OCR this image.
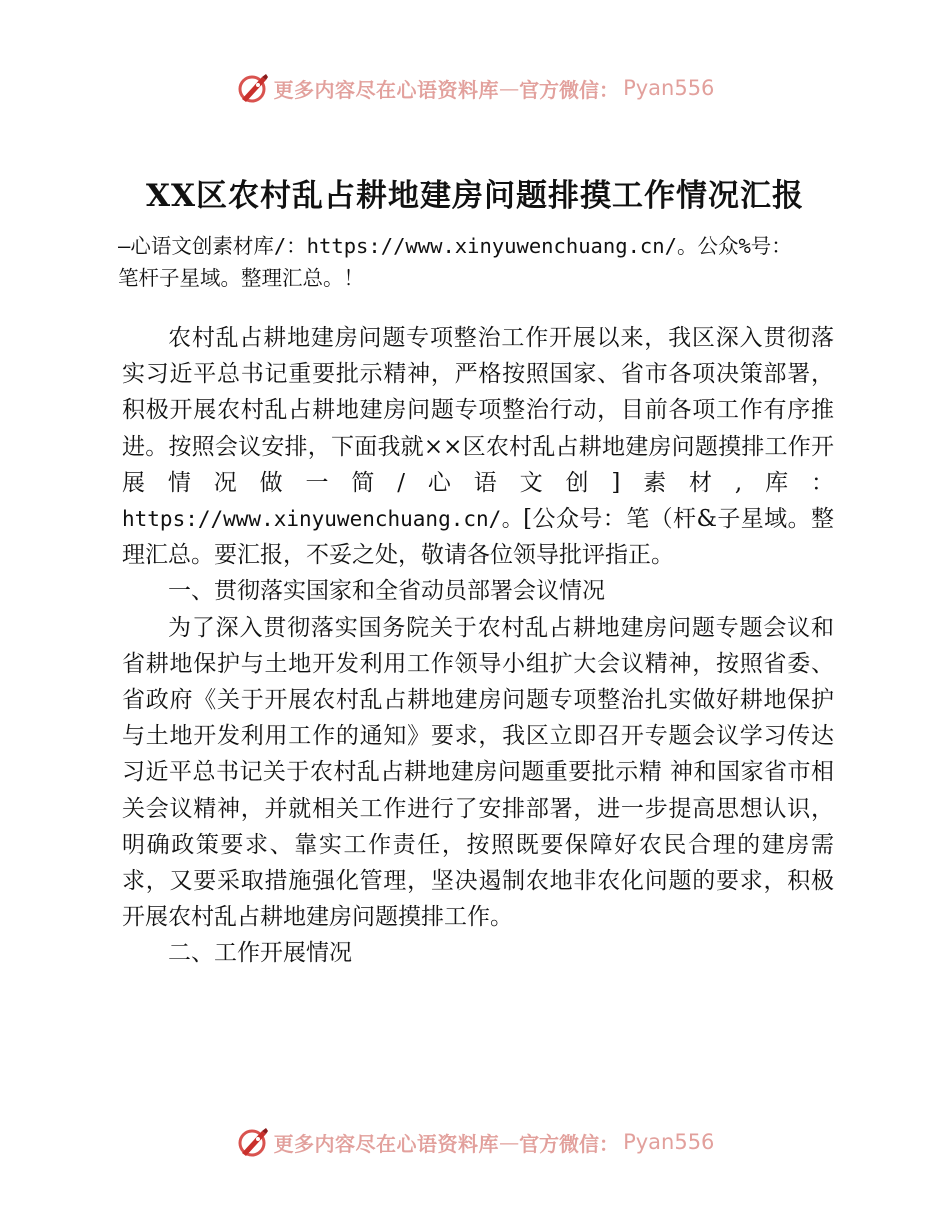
更多内容尽在心语资料库 — 官方微信： Pyan556
XX区农村乱占耕地建房问题排摸工作情况汇报
—心语文创素材库/：https://www.xinyuwenchuang.cn/。公众%号：
笔杆子星域。整理汇总。！

农村乱占耕地建房问题专项整治工作开展以来，我区深入贯彻落实习近平总书记重要批示精神，严格按照国家、省市各项决策部署，积极开展农村乱占耕地建房问题专项整治行动，目前各项工作有序推进。按照会议安排，下面我就××区农村乱占耕地建房问题摸排工作开展情况做一简/心语文创]素材,库：https://www.xinyuwenchuang.cn/。[公众号：笔（杆&子星域。整理汇总。要汇报，不妥之处，敬请各位领导批评指正。

一、贯彻落实国家和全省动员部署会议情况

为了深入贯彻落实国务院关于农村乱占耕地建房问题专题会议和省耕地保护与土地开发利用工作领导小组扩大会议精神，按照省委、省政府《关于开展农村乱占耕地建房问题专项整治扎实做好耕地保护与土地开发利用工作的通知》要求，我区立即召开专题会议学习传达习近平总书记关于农村乱占耕地建房问题重要批示精 神和国家省市相关会议精神，并就相关工作进行了安排部署，进一步提高思想认识，明确政策要求、靠实工作责任，按照既要保障好农民合理的建房需求，又要采取措施强化管理，坚决遏制农地非农化问题的要求，积极开展农村乱占耕地建房问题摸排工作。

二、工作开展情况

更多内容尽在心语资料库 — 官方微信： Pyan556
